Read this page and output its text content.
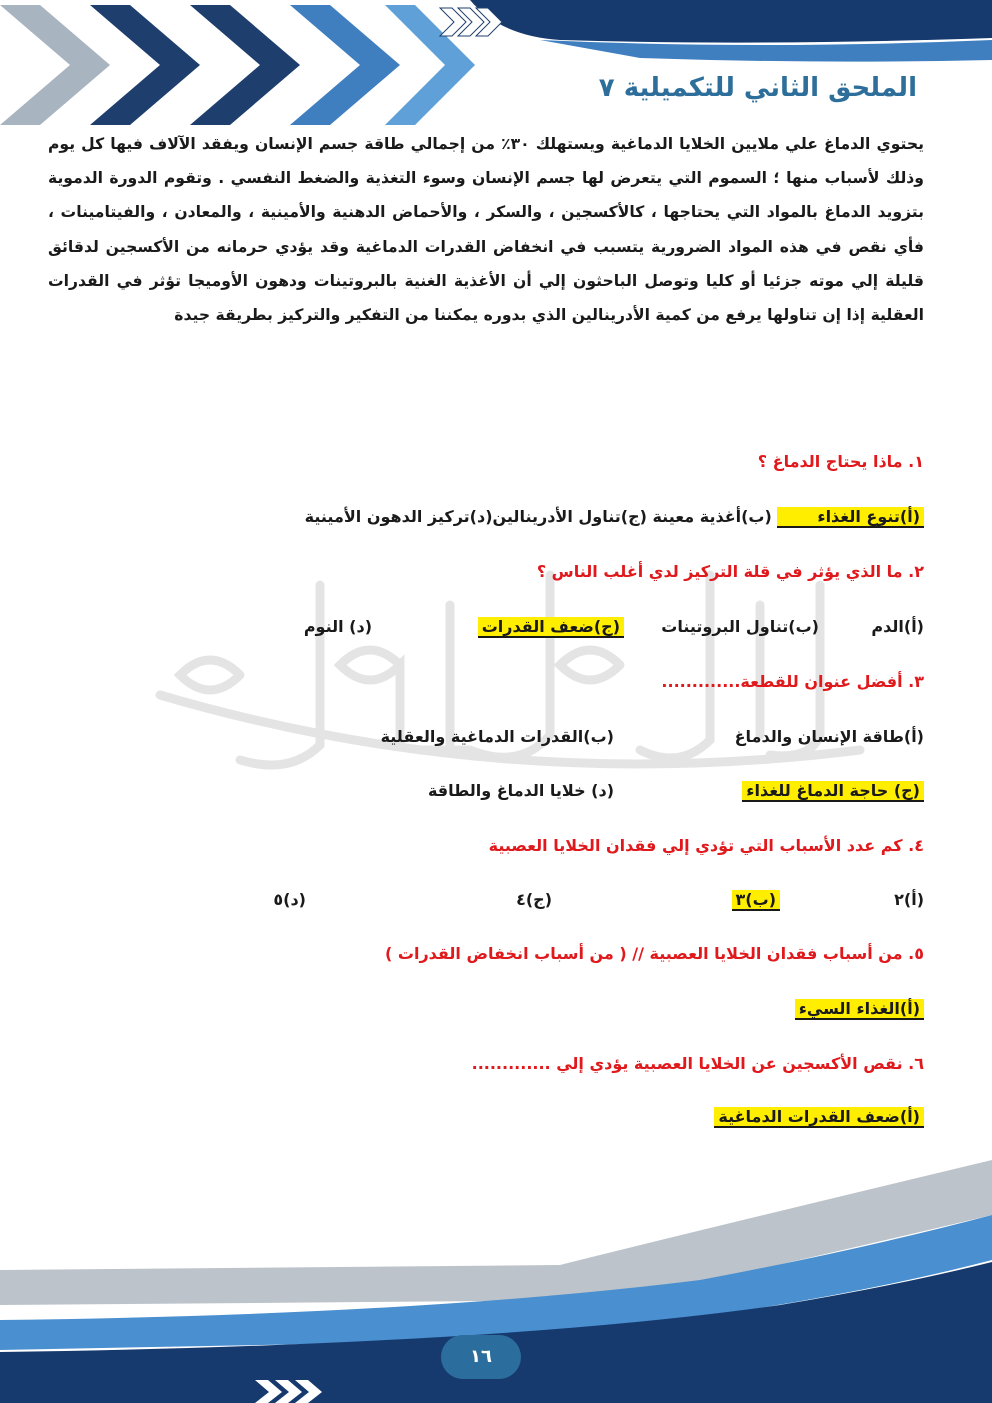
الملحق الثاني للتكميلية ٧

يحتوي الدماغ علي ملايين الخلايا الدماغية ويستهلك ٣٠٪ من إجمالي طاقة جسم الإنسان ويفقد الآلاف فيها كل يوم وذلك لأسباب منها ؛ السموم التي يتعرض لها جسم الإنسان وسوء التغذية والضغط النفسي . وتقوم الدورة الدموية بتزويد الدماغ بالمواد التي يحتاجها ، كالأكسجين ، والسكر ، والأحماض الدهنية والأمينية ، والمعادن ، والفيتامينات ، فأي نقص في هذه المواد الضرورية يتسبب في انخفاض القدرات الدماغية وقد يؤدي حرمانه من الأكسجين لدقائق قليلة إلي موته جزئيا أو كليا وتوصل الباحثون إلي أن الأغذية الغنية بالبروتينات ودهون الأوميجا تؤثر في القدرات العقلية إذا إن تناولها يرفع من كمية الأدرينالين الذي بدوره يمكننا من التفكير والتركيز بطريقة جيدة

١. ماذا يحتاج الدماغ ؟
(أ)تنوع الغذاء (ب)أغذية معينة (ج)تناول الأدرينالين(د)تركيز الدهون الأمينية
٢. ما الذي يؤثر في قلة التركيز لدي أغلب الناس ؟
(أ)الدم
(ب)تناول البروتينات
(ج)ضعف القدرات
(د) النوم
٣. أفضل عنوان للقطعة.............
(أ)طاقة الإنسان والدماغ
(ب)القدرات الدماغية والعقلية
(ج) حاجة الدماغ للغذاء
(د) خلايا الدماغ والطاقة
٤. كم عدد الأسباب التي تؤدي إلي فقدان الخلايا العصبية
(أ)٢
(ب)٣
(ج)٤
(د)٥
٥. من أسباب فقدان الخلايا العصبية // ( من أسباب انخفاض القدرات )
(أ)الغذاء السيء
٦. نقص الأكسجين عن الخلايا العصبية يؤدي إلي .............
(أ)ضعف القدرات الدماغية
١٦
